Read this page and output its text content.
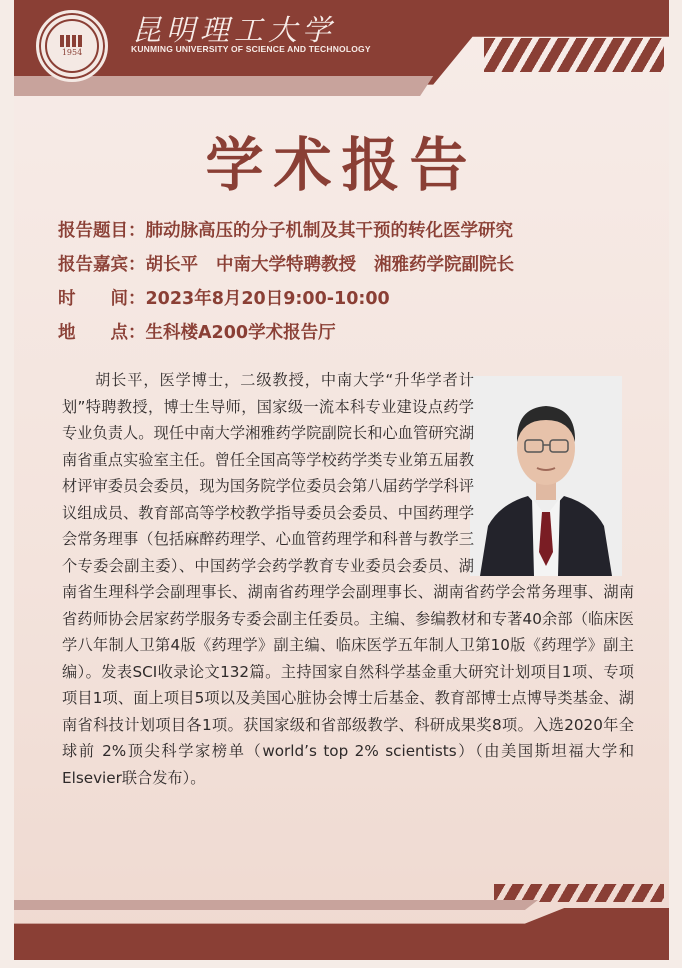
1954
昆明理工大学
KUNMING UNIVERSITY OF SCIENCE AND TECHNOLOGY
学术报告
报告题目：肺动脉高压的分子机制及其干预的转化医学研究
报告嘉宾：胡长平 中南大学特聘教授 湘雅药学院副院长
时　　间：2023年8月20日9:00-10:00
地　　点：生科楼A200学术报告厅
胡长平，医学博士，二级教授，中南大学“升华学者计划”特聘教授，博士生导师，国家级一流本科专业建设点药学专业负责人。现任中南大学湘雅药学院副院长和心血管研究湖南省重点实验室主任。曾任全国高等学校药学类专业第五届教材评审委员会委员，现为国务院学位委员会第八届药学学科评议组成员、教育部高等学校教学指导委员会委员、中国药理学会常务理事（包括麻醉药理学、心血管药理学和科普与教学三个专委会副主委）、中国药学会药学教育专业委员会委员、湖南省生理科学会副理事长、湖南省药理学会副理事长、湖南省药学会常务理事、湖南省药师协会居家药学服务专委会副主任委员。主编、参编教材和专著40余部（临床医学八年制人卫第4版《药理学》副主编、临床医学五年制人卫第10版《药理学》副主编）。发表SCI收录论文132篇。主持国家自然科学基金重大研究计划项目1项、专项项目1项、面上项目5项以及美国心脏协会博士后基金、教育部博士点博导类基金、湖南省科技计划项目各1项。获国家级和省部级教学、科研成果奖8项。入选2020年全球前 2%顶尖科学家榜单（world’s top 2% scientists）（由美国斯坦福大学和Elsevier联合发布）。
